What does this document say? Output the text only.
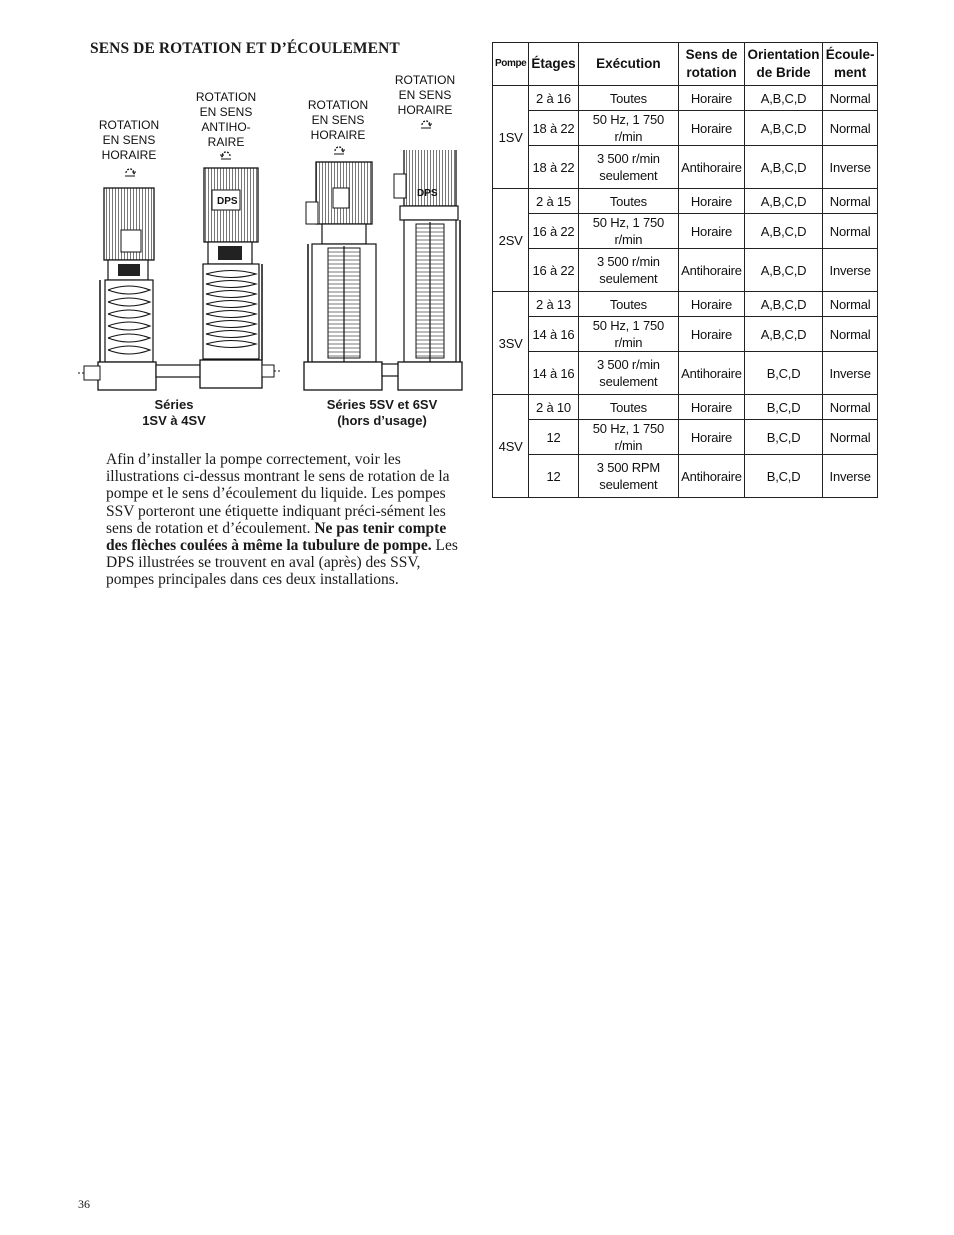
SENS DE ROTATION ET D’ÉCOULEMENT
ROTATION
EN SENS
HORAIRE
ROTATION
EN SENS
ANTIHO-
RAIRE
ROTATION
EN SENS
HORAIRE
ROTATION
EN SENS
HORAIRE
DPS
DPS
Séries
1SV à 4SV
Séries 5SV et 6SV
(hors d’usage)
Afin d’installer la pompe correctement, voir les illustrations ci-dessus montrant le sens de rotation de la pompe et le sens d’écoulement du liquide. Les pompes SSV porteront une étiquette indiquant préci-sément les sens de rotation et d’écoulement. Ne pas tenir compte des flèches coulées à même la tubulure de pompe. Les DPS illustrées se trouvent en aval (après) des SSV, pompes principales dans ces deux installations.
Pompe	Étages	Exécution	Sens de rotation	Orientation de Bride	Écoule-ment
1SV	2 à 16	Toutes	Horaire	A,B,C,D	Normal
	18 à 22	50 Hz, 1 750 r/min	Horaire	A,B,C,D	Normal
	18 à 22	3 500 r/min seulement	Antihoraire	A,B,C,D	Inverse
2SV	2 à 15	Toutes	Horaire	A,B,C,D	Normal
	16 à 22	50 Hz, 1 750 r/min	Horaire	A,B,C,D	Normal
	16 à 22	3 500 r/min seulement	Antihoraire	A,B,C,D	Inverse
3SV	2 à 13	Toutes	Horaire	A,B,C,D	Normal
	14 à 16	50 Hz, 1 750 r/min	Horaire	A,B,C,D	Normal
	14 à 16	3 500 r/min seulement	Antihoraire	B,C,D	Inverse
4SV	2 à 10	Toutes	Horaire	B,C,D	Normal
	12	50 Hz, 1 750 r/min	Horaire	B,C,D	Normal
	12	3 500 RPM seulement	Antihoraire	B,C,D	Inverse
36
